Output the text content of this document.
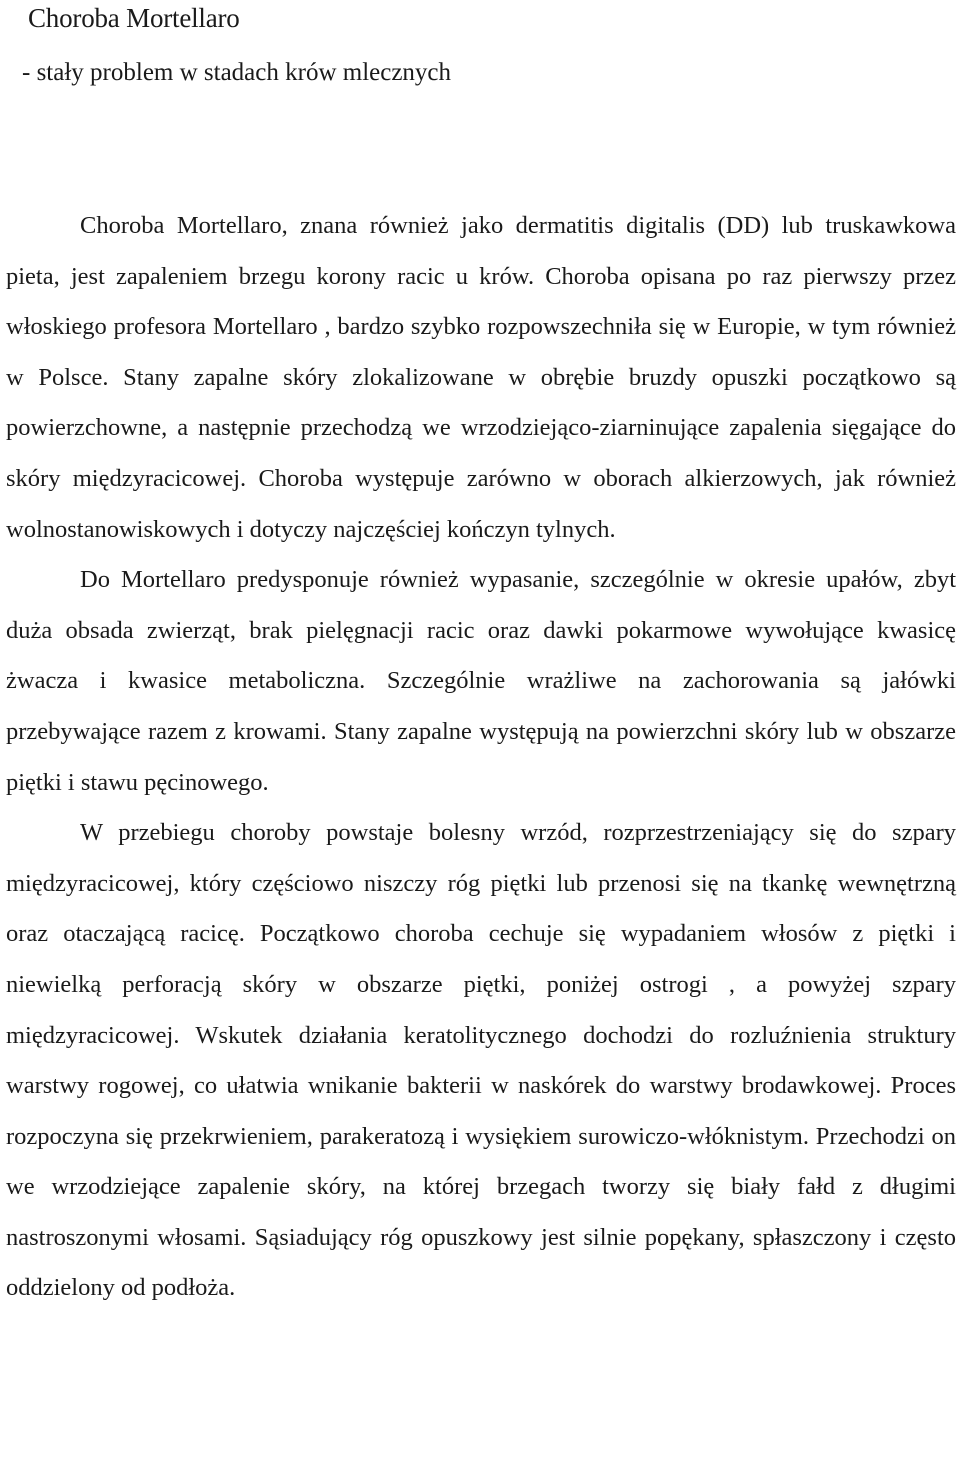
Choroba Mortellaro
- stały problem w stadach krów mlecznych

Choroba Mortellaro, znana również jako dermatitis digitalis (DD) lub truskawkowa pieta, jest zapaleniem brzegu korony racic u krów. Choroba opisana po raz pierwszy przez włoskiego profesora Mortellaro , bardzo szybko rozpowszechniła się w Europie, w tym również w Polsce. Stany zapalne skóry zlokalizowane w obrębie bruzdy opuszki początkowo są powierzchowne, a następnie przechodzą we wrzodziejąco-ziarninujące zapalenia sięgające do skóry międzyracicowej. Choroba występuje zarówno w oborach alkierzowych, jak również wolnostanowiskowych i dotyczy najczęściej kończyn tylnych.

Do Mortellaro predysponuje również wypasanie, szczególnie w okresie upałów, zbyt duża obsada zwierząt, brak pielęgnacji racic oraz dawki pokarmowe wywołujące kwasicę żwacza i kwasice metaboliczna. Szczególnie wrażliwe na zachorowania są jałówki przebywające razem z krowami. Stany zapalne występują na powierzchni skóry lub w obszarze piętki i stawu pęcinowego.

W przebiegu choroby powstaje bolesny wrzód, rozprzestrzeniający się do szpary międzyracicowej, który częściowo niszczy róg piętki lub przenosi się na tkankę wewnętrzną oraz otaczającą racicę. Początkowo choroba cechuje się wypadaniem włosów z piętki i niewielką perforacją skóry w obszarze piętki, poniżej ostrogi , a powyżej szpary międzyracicowej. Wskutek działania keratolitycznego dochodzi do rozluźnienia struktury warstwy rogowej, co ułatwia wnikanie bakterii w naskórek do warstwy brodawkowej. Proces rozpoczyna się przekrwieniem, parakeratozą i wysiękiem surowiczo-włóknistym. Przechodzi on we wrzodziejące zapalenie skóry, na której brzegach tworzy się biały fałd z długimi nastroszonymi włosami. Sąsiadujący róg opuszkowy jest silnie popękany, spłaszczony i często oddzielony od podłoża.
